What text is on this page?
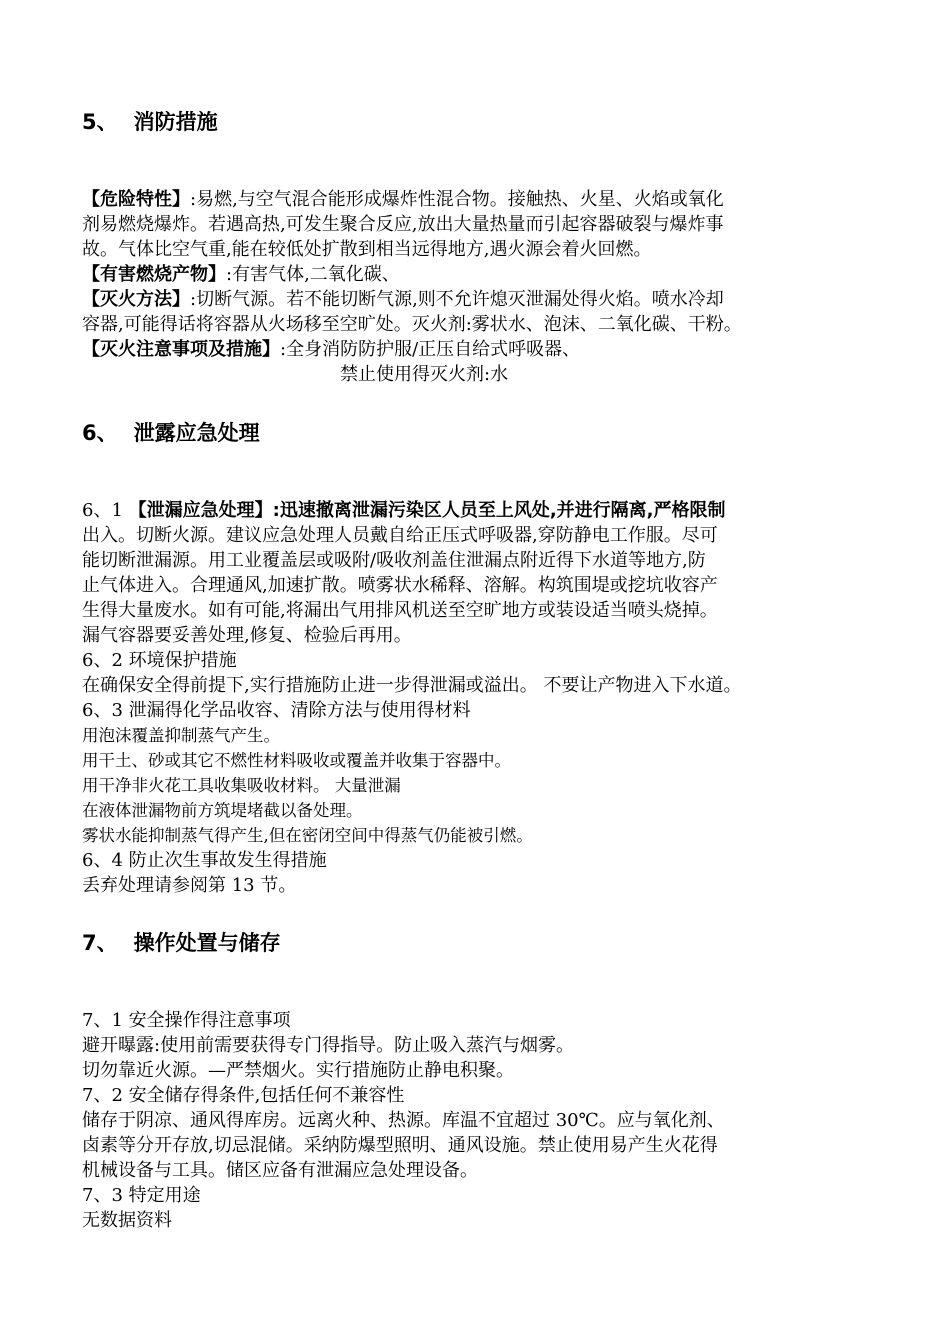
5、 消防措施
【危险特性】:易燃,与空气混合能形成爆炸性混合物。接触热、火星、火焰或氧化
剂易燃烧爆炸。若遇高热,可发生聚合反应,放出大量热量而引起容器破裂与爆炸事
故。气体比空气重,能在较低处扩散到相当远得地方,遇火源会着火回燃。
【有害燃烧产物】:有害气体,二氧化碳、
【灭火方法】:切断气源。若不能切断气源,则不允许熄灭泄漏处得火焰。喷水冷却
容器,可能得话将容器从火场移至空旷处。灭火剂:雾状水、泡沫、二氧化碳、干粉。
【灭火注意事项及措施】:全身消防防护服/正压自给式呼吸器、
禁止使用得灭火剂:水
6、 泄露应急处理
6、1 【泄漏应急处理】:迅速撤离泄漏污染区人员至上风处,并进行隔离,严格限制
出入。切断火源。建议应急处理人员戴自给正压式呼吸器,穿防静电工作服。尽可
能切断泄漏源。用工业覆盖层或吸附/吸收剂盖住泄漏点附近得下水道等地方,防
止气体进入。合理通风,加速扩散。喷雾状水稀释、溶解。构筑围堤或挖坑收容产
生得大量废水。如有可能,将漏出气用排风机送至空旷地方或装设适当喷头烧掉。
漏气容器要妥善处理,修复、检验后再用。
6、2 环境保护措施
在确保安全得前提下,实行措施防止进一步得泄漏或溢出。 不要让产物进入下水道。
6、3 泄漏得化学品收容、清除方法与使用得材料
用泡沫覆盖抑制蒸气产生。
用干土、砂或其它不燃性材料吸收或覆盖并收集于容器中。
用干净非火花工具收集吸收材料。 大量泄漏
在液体泄漏物前方筑堤堵截以备处理。
雾状水能抑制蒸气得产生,但在密闭空间中得蒸气仍能被引燃。
6、4 防止次生事故发生得措施
丢弃处理请参阅第 13 节。
7、 操作处置与储存
7、1 安全操作得注意事项
避开曝露:使用前需要获得专门得指导。防止吸入蒸汽与烟雾。
切勿靠近火源。—严禁烟火。实行措施防止静电积聚。
7、2 安全储存得条件,包括任何不兼容性
储存于阴凉、通风得库房。远离火种、热源。库温不宜超过 30℃。应与氧化剂、
卤素等分开存放,切忌混储。采纳防爆型照明、通风设施。禁止使用易产生火花得
机械设备与工具。储区应备有泄漏应急处理设备。
7、3 特定用途
无数据资料
